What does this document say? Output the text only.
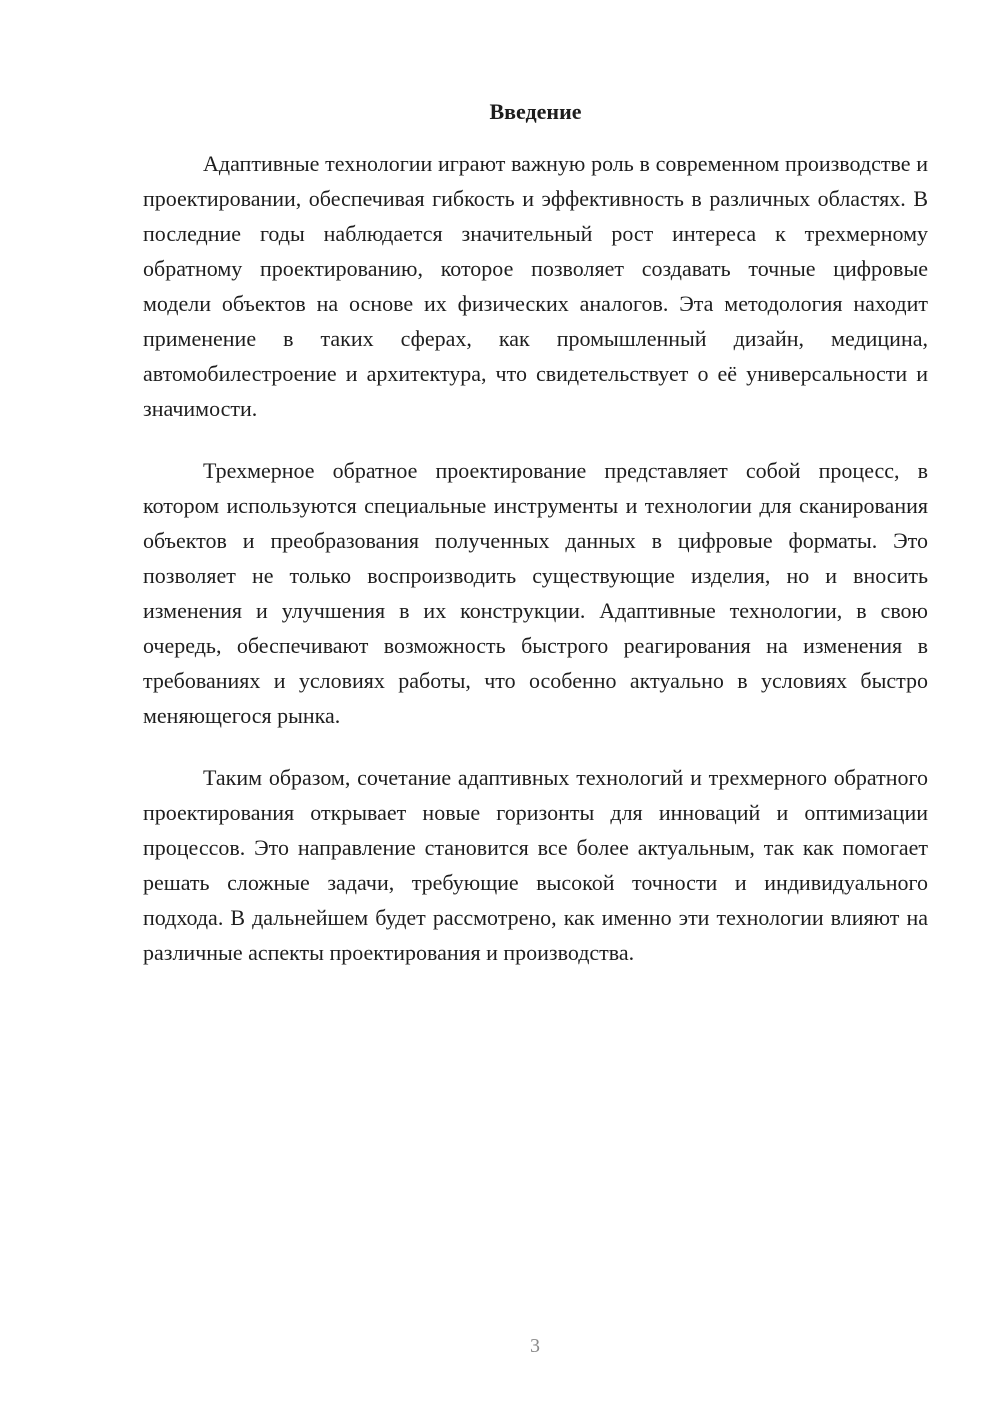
Введение

Адаптивные технологии играют важную роль в современном производстве и проектировании, обеспечивая гибкость и эффективность в различных областях. В последние годы наблюдается значительный рост интереса к трехмерному обратному проектированию, которое позволяет создавать точные цифровые модели объектов на основе их физических аналогов. Эта методология находит применение в таких сферах, как промышленный дизайн, медицина, автомобилестроение и архитектура, что свидетельствует о её универсальности и значимости.

Трехмерное обратное проектирование представляет собой процесс, в котором используются специальные инструменты и технологии для сканирования объектов и преобразования полученных данных в цифровые форматы. Это позволяет не только воспроизводить существующие изделия, но и вносить изменения и улучшения в их конструкции. Адаптивные технологии, в свою очередь, обеспечивают возможность быстрого реагирования на изменения в требованиях и условиях работы, что особенно актуально в условиях быстро меняющегося рынка.

Таким образом, сочетание адаптивных технологий и трехмерного обратного проектирования открывает новые горизонты для инноваций и оптимизации процессов. Это направление становится все более актуальным, так как помогает решать сложные задачи, требующие высокой точности и индивидуального подхода. В дальнейшем будет рассмотрено, как именно эти технологии влияют на различные аспекты проектирования и производства.

3
